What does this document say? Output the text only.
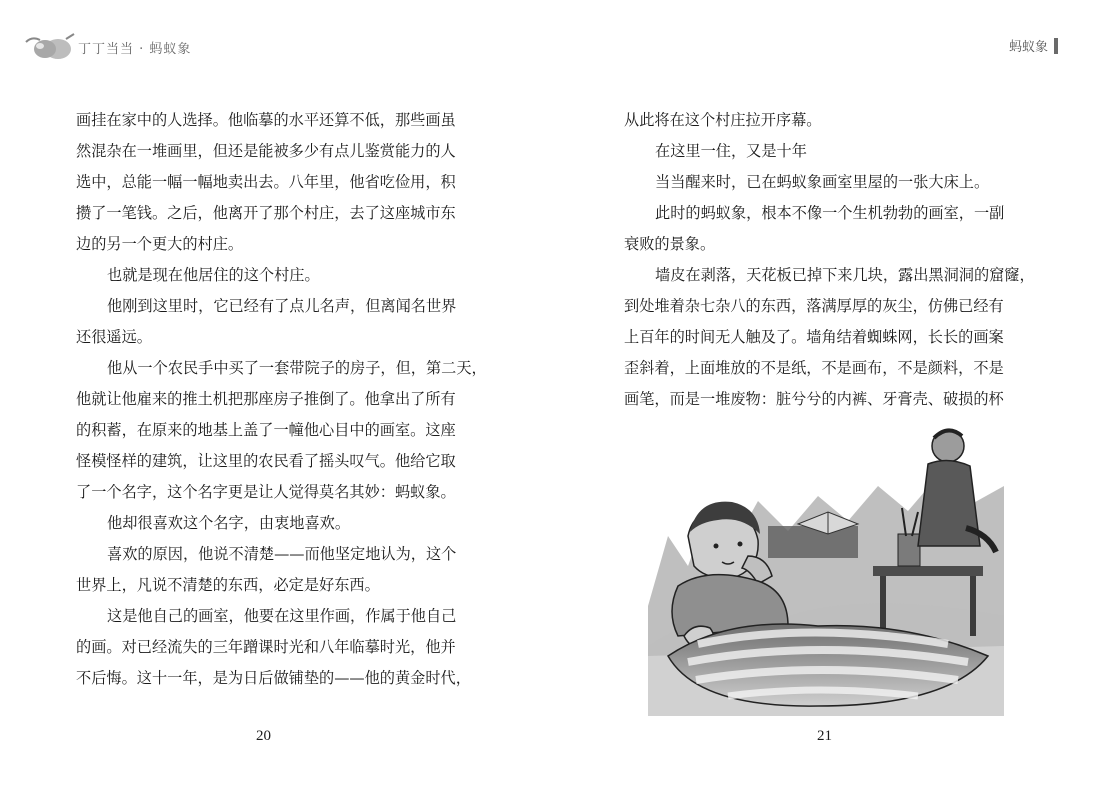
丁丁当当 · 蚂蚁象	蚂蚁象
画挂在家中的人选择。他临摹的水平还算不低，那些画虽
然混杂在一堆画里，但还是能被多少有点儿鉴赏能力的人
选中，总能一幅一幅地卖出去。八年里，他省吃俭用，积
攒了一笔钱。之后，他离开了那个村庄，去了这座城市东
边的另一个更大的村庄。
也就是现在他居住的这个村庄。
他刚到这里时，它已经有了点儿名声，但离闻名世界
还很遥远。
他从一个农民手中买了一套带院子的房子，但，第二天，
他就让他雇来的推土机把那座房子推倒了。他拿出了所有
的积蓄，在原来的地基上盖了一幢他心目中的画室。这座
怪模怪样的建筑，让这里的农民看了摇头叹气。他给它取
了一个名字，这个名字更是让人觉得莫名其妙：蚂蚁象。
他却很喜欢这个名字，由衷地喜欢。
喜欢的原因，他说不清楚——而他坚定地认为，这个
世界上，凡说不清楚的东西，必定是好东西。
这是他自己的画室，他要在这里作画，作属于他自己
的画。对已经流失的三年蹭课时光和八年临摹时光，他并
不后悔。这十一年，是为日后做铺垫的——他的黄金时代，
从此将在这个村庄拉开序幕。
在这里一住，又是十年
当当醒来时，已在蚂蚁象画室里屋的一张大床上。
此时的蚂蚁象，根本不像一个生机勃勃的画室，一副
衰败的景象。
墙皮在剥落，天花板已掉下来几块，露出黑洞洞的窟窿，
到处堆着杂七杂八的东西，落满厚厚的灰尘，仿佛已经有
上百年的时间无人触及了。墙角结着蜘蛛网，长长的画案
歪斜着，上面堆放的不是纸，不是画布，不是颜料，不是
画笔，而是一堆废物：脏兮兮的内裤、牙膏壳、破损的杯
20	21
